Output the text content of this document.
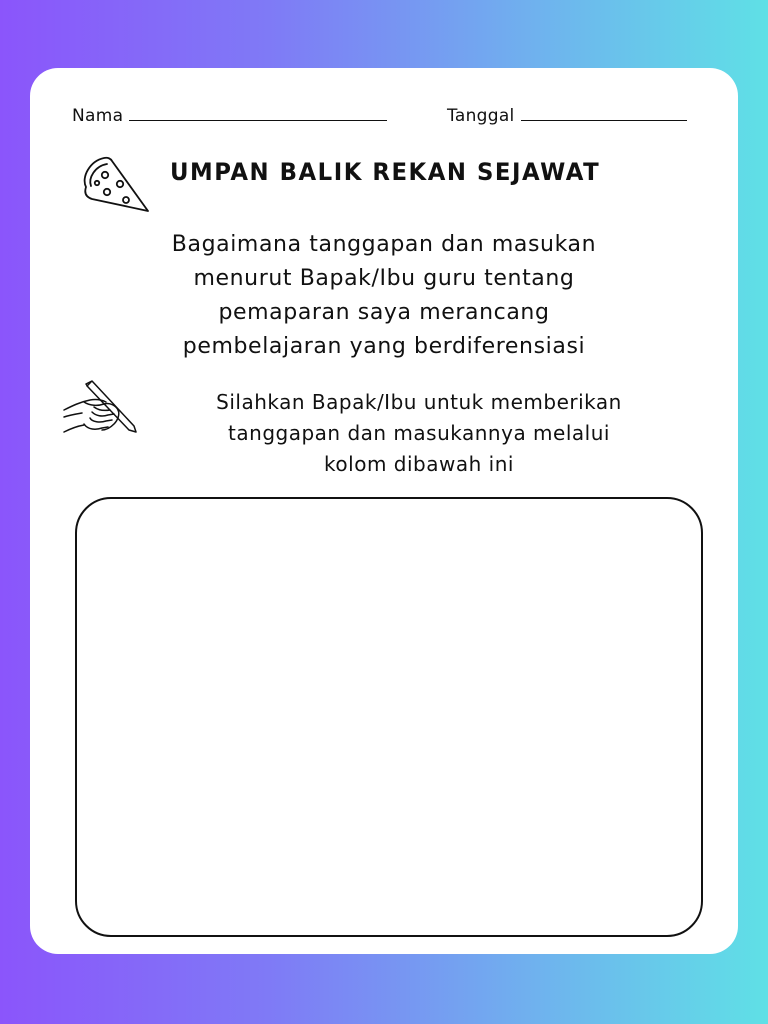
Nama	Tanggal
UMPAN BALIK REKAN SEJAWAT
Bagaimana tanggapan dan masukan
menurut Bapak/Ibu guru tentang
pemaparan saya merancang
pembelajaran yang berdiferensiasi
Silahkan Bapak/Ibu untuk memberikan
tanggapan dan masukannya melalui
kolom dibawah ini
